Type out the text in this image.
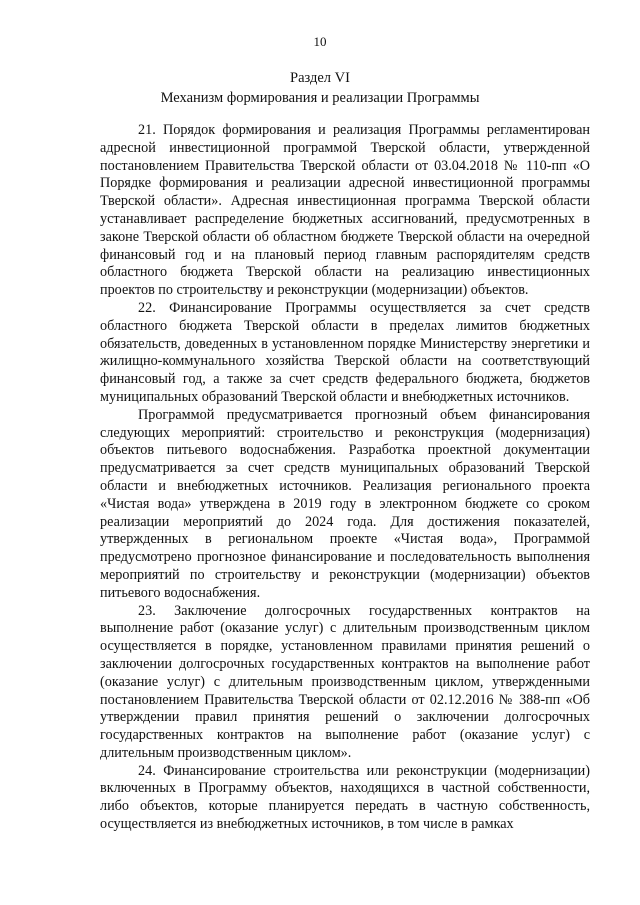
10
Раздел VI
Механизм формирования и реализации Программы

21. Порядок формирования и реализация Программы регламентирован адресной инвестиционной программой Тверской области, утвержденной постановлением Правительства Тверской области от 03.04.2018 № 110-пп «О Порядке формирования и реализации адресной инвестиционной программы Тверской области». Адресная инвестиционная программа Тверской области устанавливает распределение бюджетных ассигнований, предусмотренных в законе Тверской области об областном бюджете Тверской области на очередной финансовый год и на плановый период главным распорядителям средств областного бюджета Тверской области на реализацию инвестиционных проектов по строительству и реконструкции (модернизации) объектов.

22. Финансирование Программы осуществляется за счет средств областного бюджета Тверской области в пределах лимитов бюджетных обязательств, доведенных в установленном порядке Министерству энергетики и жилищно-коммунального хозяйства Тверской области на соответствующий финансовый год, а также за счет средств федерального бюджета, бюджетов муниципальных образований Тверской области и внебюджетных источников.

Программой предусматривается прогнозный объем финансирования следующих мероприятий: строительство и реконструкция (модернизация) объектов питьевого водоснабжения. Разработка проектной документации предусматривается за счет средств муниципальных образований Тверской области и внебюджетных источников. Реализация регионального проекта «Чистая вода» утверждена в 2019 году в электронном бюджете со сроком реализации мероприятий до 2024 года. Для достижения показателей, утвержденных в региональном проекте «Чистая вода», Программой предусмотрено прогнозное финансирование и последовательность выполнения мероприятий по строительству и реконструкции (модернизации) объектов питьевого водоснабжения.

23. Заключение долгосрочных государственных контрактов на выполнение работ (оказание услуг) с длительным производственным циклом осуществляется в порядке, установленном правилами принятия решений о заключении долгосрочных государственных контрактов на выполнение работ (оказание услуг) с длительным производственным циклом, утвержденными постановлением Правительства Тверской области от 02.12.2016 № 388-пп «Об утверждении правил принятия решений о заключении долгосрочных государственных контрактов на выполнение работ (оказание услуг) с длительным производственным циклом».

24. Финансирование строительства или реконструкции (модернизации) включенных в Программу объектов, находящихся в частной собственности, либо объектов, которые планируется передать в частную собственность, осуществляется из внебюджетных источников, в том числе в рамках
